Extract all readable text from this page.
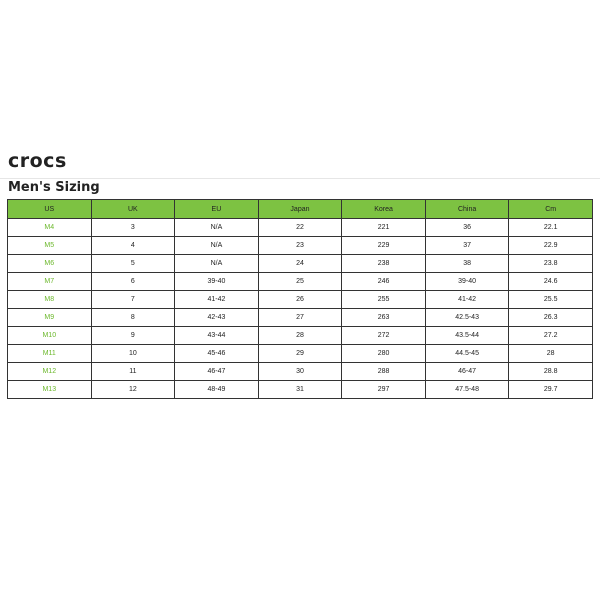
crocs
Men's Sizing
US	UK	EU	Japan	Korea	China	Cm
M4	3	N/A	22	221	36	22.1
M5	4	N/A	23	229	37	22.9
M6	5	N/A	24	238	38	23.8
M7	6	39-40	25	246	39-40	24.6
M8	7	41-42	26	255	41-42	25.5
M9	8	42-43	27	263	42.5-43	26.3
M10	9	43-44	28	272	43.5-44	27.2
M11	10	45-46	29	280	44.5-45	28
M12	11	46-47	30	288	46-47	28.8
M13	12	48-49	31	297	47.5-48	29.7
